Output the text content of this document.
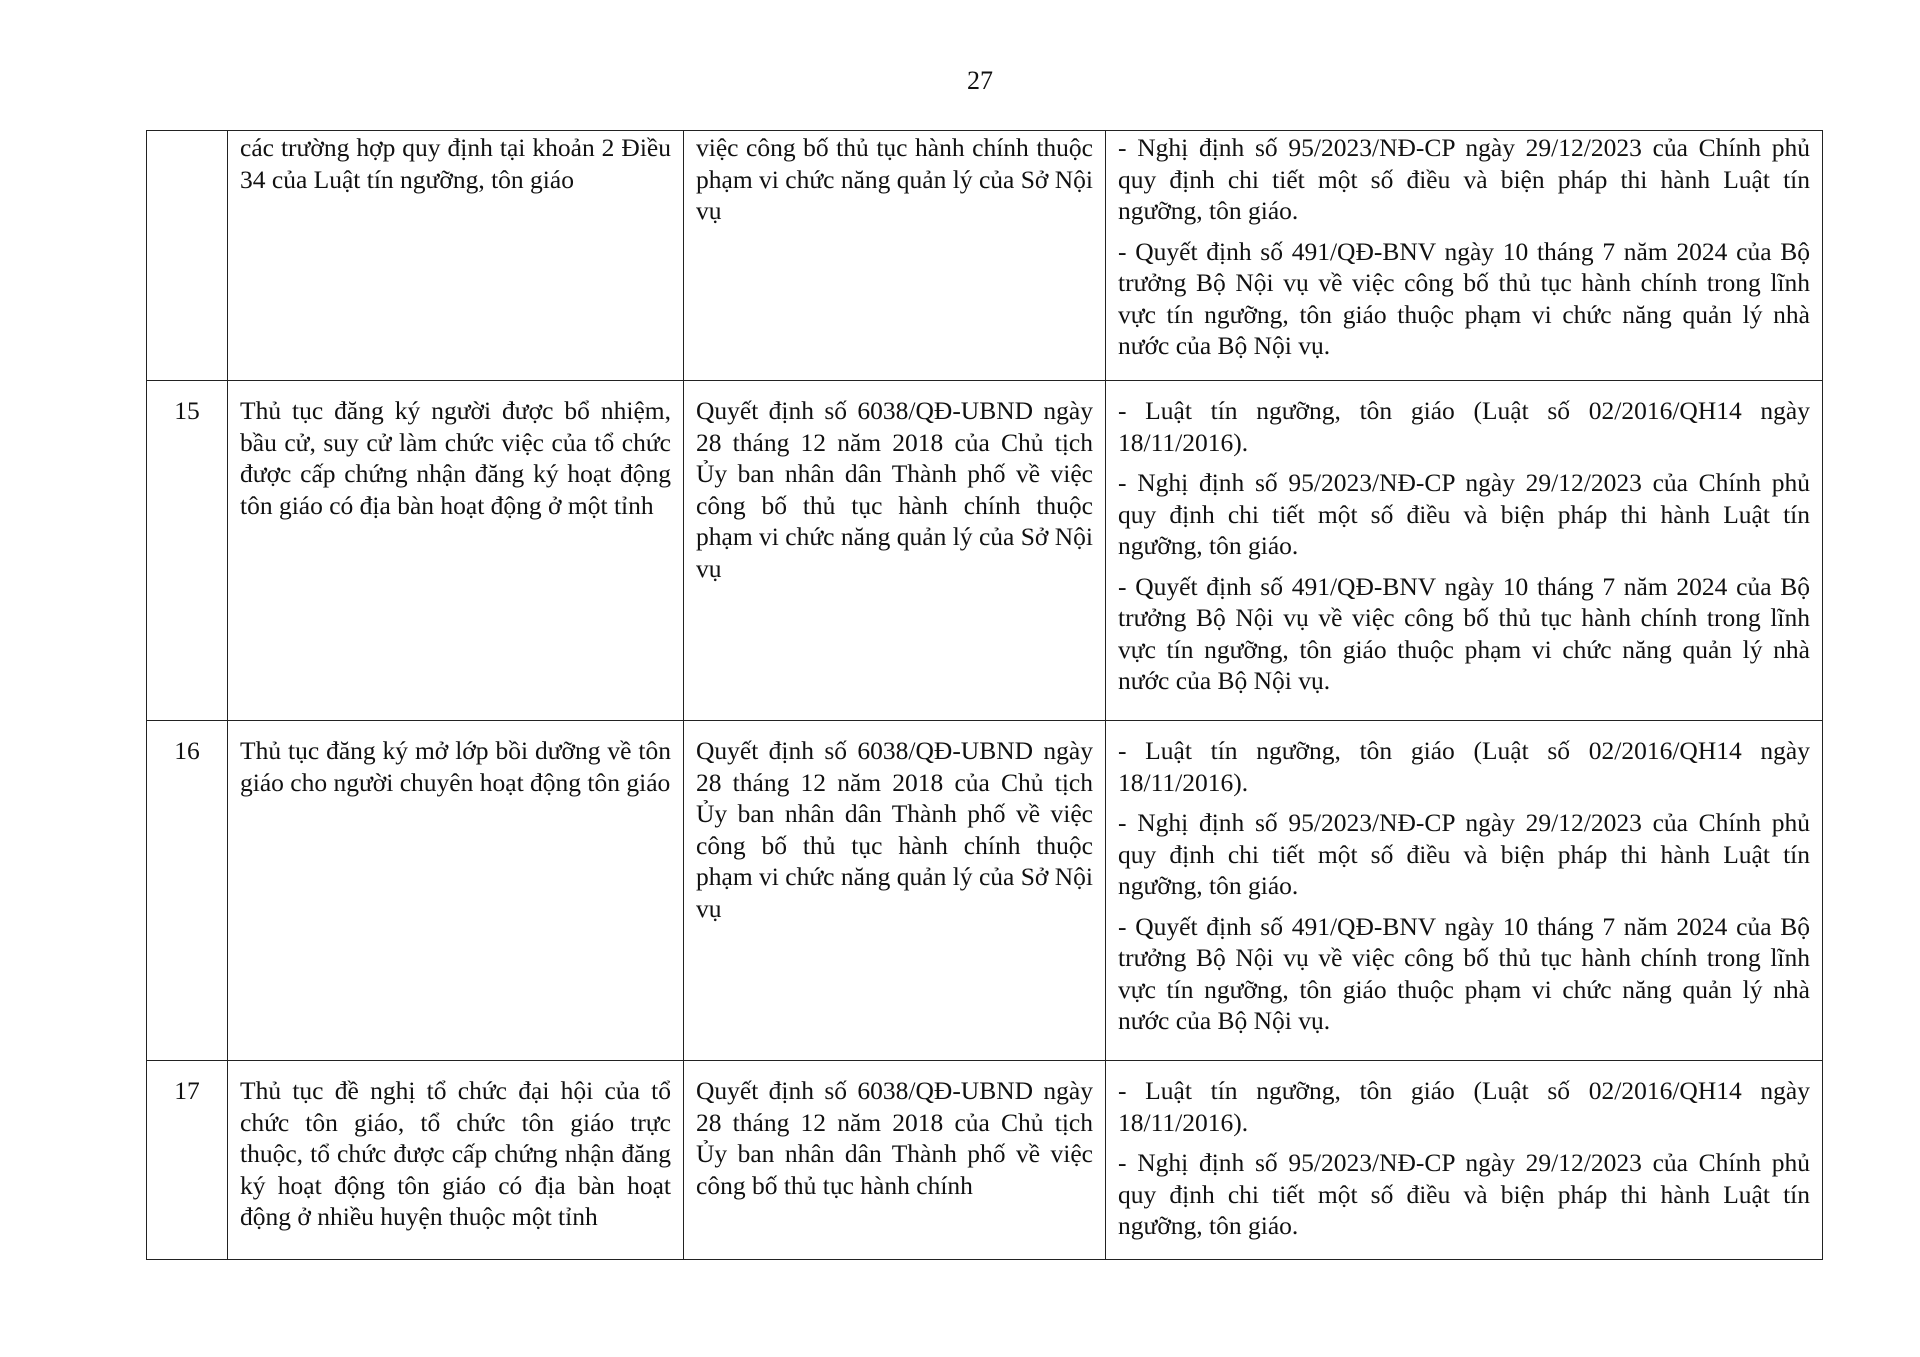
27
	các trường hợp quy định tại khoản 2 Điều 34 của Luật tín ngưỡng, tôn giáo	việc công bố thủ tục hành chính thuộc phạm vi chức năng quản lý của Sở Nội vụ	- Nghị định số 95/2023/NĐ-CP ngày 29/12/2023 của Chính phủ quy định chi tiết một số điều và biện pháp thi hành Luật tín ngưỡng, tôn giáo.

- Quyết định số 491/QĐ-BNV ngày 10 tháng 7 năm 2024 của Bộ trưởng Bộ Nội vụ về việc công bố thủ tục hành chính trong lĩnh vực tín ngưỡng, tôn giáo thuộc phạm vi chức năng quản lý nhà nước của Bộ Nội vụ.

15	Thủ tục đăng ký người được bổ nhiệm, bầu cử, suy cử làm chức việc của tổ chức được cấp chứng nhận đăng ký hoạt động tôn giáo có địa bàn hoạt động ở một tỉnh	Quyết định số 6038/QĐ-UBND ngày 28 tháng 12 năm 2018 của Chủ tịch Ủy ban nhân dân Thành phố về việc công bố thủ tục hành chính thuộc phạm vi chức năng quản lý của Sở Nội vụ	- Luật tín ngưỡng, tôn giáo (Luật số 02/2016/QH14 ngày 18/11/2016).

- Nghị định số 95/2023/NĐ-CP ngày 29/12/2023 của Chính phủ quy định chi tiết một số điều và biện pháp thi hành Luật tín ngưỡng, tôn giáo.

- Quyết định số 491/QĐ-BNV ngày 10 tháng 7 năm 2024 của Bộ trưởng Bộ Nội vụ về việc công bố thủ tục hành chính trong lĩnh vực tín ngưỡng, tôn giáo thuộc phạm vi chức năng quản lý nhà nước của Bộ Nội vụ.

16	Thủ tục đăng ký mở lớp bồi dưỡng về tôn giáo cho người chuyên hoạt động tôn giáo	Quyết định số 6038/QĐ-UBND ngày 28 tháng 12 năm 2018 của Chủ tịch Ủy ban nhân dân Thành phố về việc công bố thủ tục hành chính thuộc phạm vi chức năng quản lý của Sở Nội vụ	- Luật tín ngưỡng, tôn giáo (Luật số 02/2016/QH14 ngày 18/11/2016).

- Nghị định số 95/2023/NĐ-CP ngày 29/12/2023 của Chính phủ quy định chi tiết một số điều và biện pháp thi hành Luật tín ngưỡng, tôn giáo.

- Quyết định số 491/QĐ-BNV ngày 10 tháng 7 năm 2024 của Bộ trưởng Bộ Nội vụ về việc công bố thủ tục hành chính trong lĩnh vực tín ngưỡng, tôn giáo thuộc phạm vi chức năng quản lý nhà nước của Bộ Nội vụ.

17	Thủ tục đề nghị tổ chức đại hội của tổ chức tôn giáo, tổ chức tôn giáo trực thuộc, tổ chức được cấp chứng nhận đăng ký hoạt động tôn giáo có địa bàn hoạt động ở nhiều huyện thuộc một tỉnh	Quyết định số 6038/QĐ-UBND ngày 28 tháng 12 năm 2018 của Chủ tịch Ủy ban nhân dân Thành phố về việc công bố thủ tục hành chính	- Luật tín ngưỡng, tôn giáo (Luật số 02/2016/QH14 ngày 18/11/2016).

- Nghị định số 95/2023/NĐ-CP ngày 29/12/2023 của Chính phủ quy định chi tiết một số điều và biện pháp thi hành Luật tín ngưỡng, tôn giáo.
